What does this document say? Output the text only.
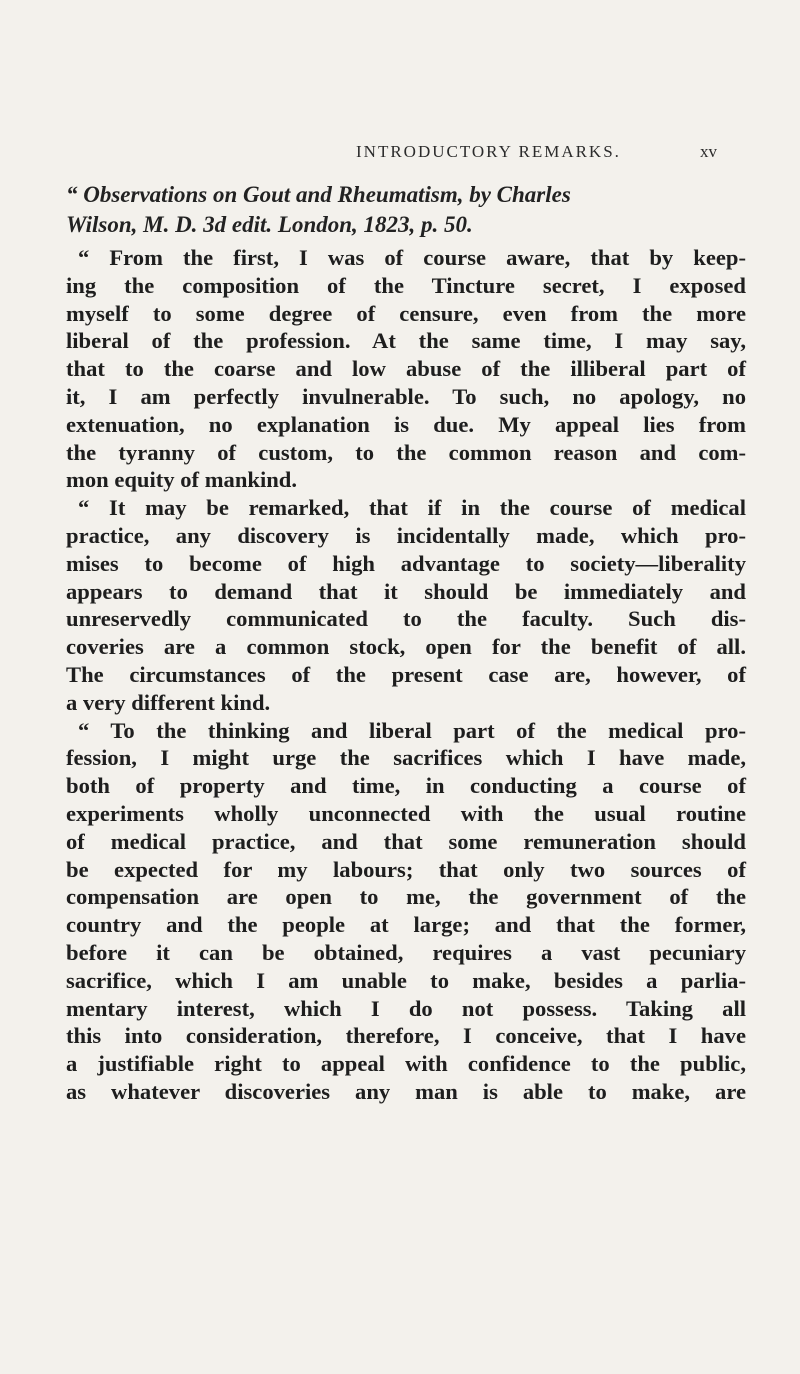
INTRODUCTORY REMARKS.	xv
“ Observations on Gout and Rheumatism, by Charles
Wilson, M. D. 3d edit. London, 1823, p. 50.
“ From the first, I was of course aware, that by keep-
ing the composition of the Tincture secret, I exposed
myself to some degree of censure, even from the more
liberal of the profession. At the same time, I may say,
that to the coarse and low abuse of the illiberal part of
it, I am perfectly invulnerable. To such, no apology, no
extenuation, no explanation is due. My appeal lies from
the tyranny of custom, to the common reason and com-
mon equity of mankind.
“ It may be remarked, that if in the course of medical
practice, any discovery is incidentally made, which pro-
mises to become of high advantage to society—liberality
appears to demand that it should be immediately and
unreservedly communicated to the faculty. Such dis-
coveries are a common stock, open for the benefit of all.
The circumstances of the present case are, however, of
a very different kind.
“ To the thinking and liberal part of the medical pro-
fession, I might urge the sacrifices which I have made,
both of property and time, in conducting a course of
experiments wholly unconnected with the usual routine
of medical practice, and that some remuneration should
be expected for my labours; that only two sources of
compensation are open to me, the government of the
country and the people at large; and that the former,
before it can be obtained, requires a vast pecuniary
sacrifice, which I am unable to make, besides a parlia-
mentary interest, which I do not possess. Taking all
this into consideration, therefore, I conceive, that I have
a justifiable right to appeal with confidence to the public,
as whatever discoveries any man is able to make, are
